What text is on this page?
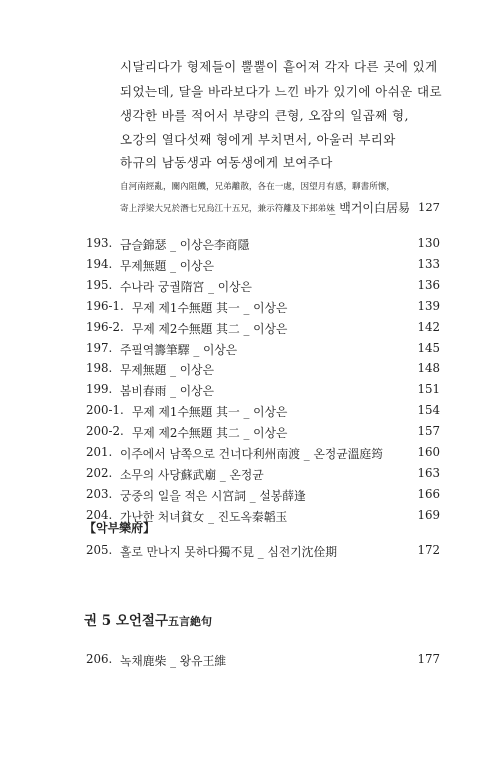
시달리다가 형제들이 뿔뿔이 흩어져 각자 다른 곳에 있게
되었는데, 달을 바라보다가 느낀 바가 있기에 아쉬운 대로
생각한 바를 적어서 부량의 큰형, 오잠의 일곱째 형,
오강의 열다섯째 형에게 부치면서, 아울러 부리와
하규의 남동생과 여동생에게 보여주다
自河南經亂，關內阻饑，兄弟離散，各在一處，因望月有感，聊書所懷，
寄上浮梁大兄於潛七兄烏江十五兄，兼示符離及下邽弟妹
_ 백거이白居易 127
193. 금슬錦瑟 _ 이상은李商隱	130
194. 무제無題 _ 이상은	133
195. 수나라 궁궐隋宮 _ 이상은	136
196-1. 무제 제1수無題 其一 _ 이상은	139
196-2. 무제 제2수無題 其二 _ 이상은	142
197. 주필역籌筆驛 _ 이상은	145
198. 무제無題 _ 이상은	148
199. 봄비春雨 _ 이상은	151
200-1. 무제 제1수無題 其一 _ 이상은	154
200-2. 무제 제2수無題 其二 _ 이상은	157
201. 이주에서 남쪽으로 건너다利州南渡 _ 온정균溫庭筠	160
202. 소무의 사당蘇武廟 _ 온정균	163
203. 궁중의 일을 적은 시宮詞 _ 설봉薛逢	166
204. 가난한 처녀貧女 _ 진도옥秦韜玉	169
【악부樂府】
205. 홀로 만나지 못하다獨不見 _ 심전기沈佺期	172
권 5 오언절구五言絶句
206. 녹채鹿柴 _ 왕유王維	177
